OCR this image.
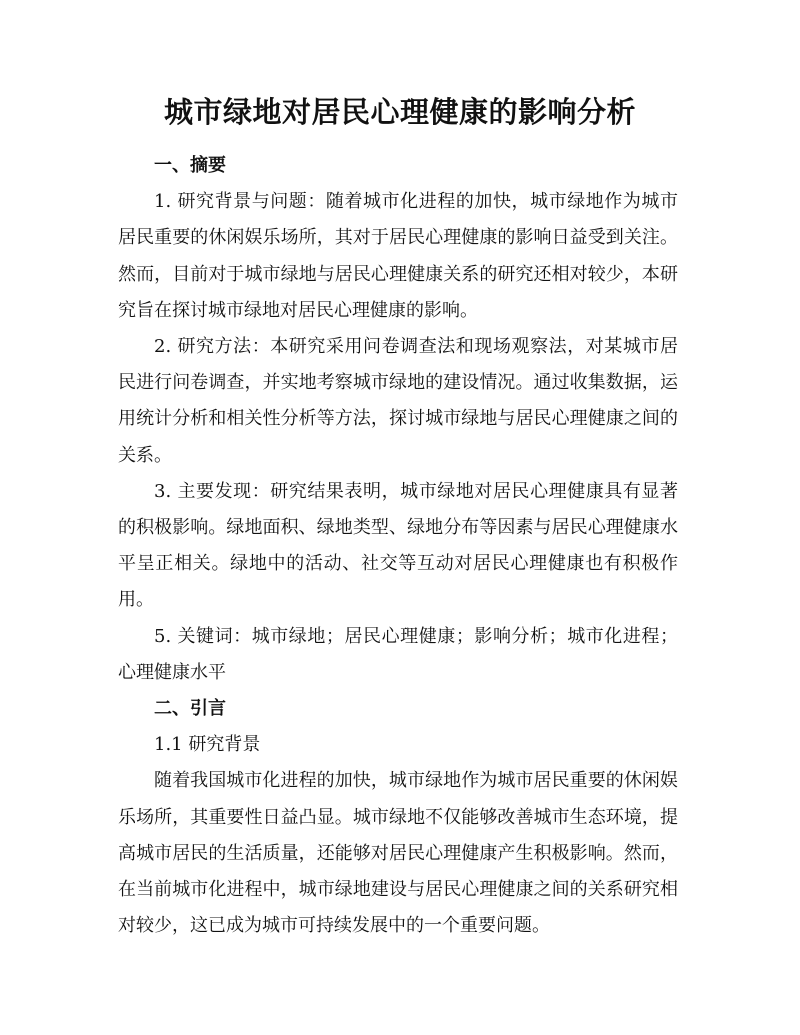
城市绿地对居民心理健康的影响分析

一、摘要

1. 研究背景与问题：随着城市化进程的加快，城市绿地作为城市居民重要的休闲娱乐场所，其对于居民心理健康的影响日益受到关注。然而，目前对于城市绿地与居民心理健康关系的研究还相对较少，本研究旨在探讨城市绿地对居民心理健康的影响。

2. 研究方法：本研究采用问卷调查法和现场观察法，对某城市居民进行问卷调查，并实地考察城市绿地的建设情况。通过收集数据，运用统计分析和相关性分析等方法，探讨城市绿地与居民心理健康之间的关系。

3. 主要发现：研究结果表明，城市绿地对居民心理健康具有显著的积极影响。绿地面积、绿地类型、绿地分布等因素与居民心理健康水平呈正相关。绿地中的活动、社交等互动对居民心理健康也有积极作用。

5. 关键词：城市绿地；居民心理健康；影响分析；城市化进程；心理健康水平

二、引言

1.1 研究背景

随着我国城市化进程的加快，城市绿地作为城市居民重要的休闲娱乐场所，其重要性日益凸显。城市绿地不仅能够改善城市生态环境，提高城市居民的生活质量，还能够对居民心理健康产生积极影响。然而，在当前城市化进程中，城市绿地建设与居民心理健康之间的关系研究相对较少，这已成为城市可持续发展中的一个重要问题。
